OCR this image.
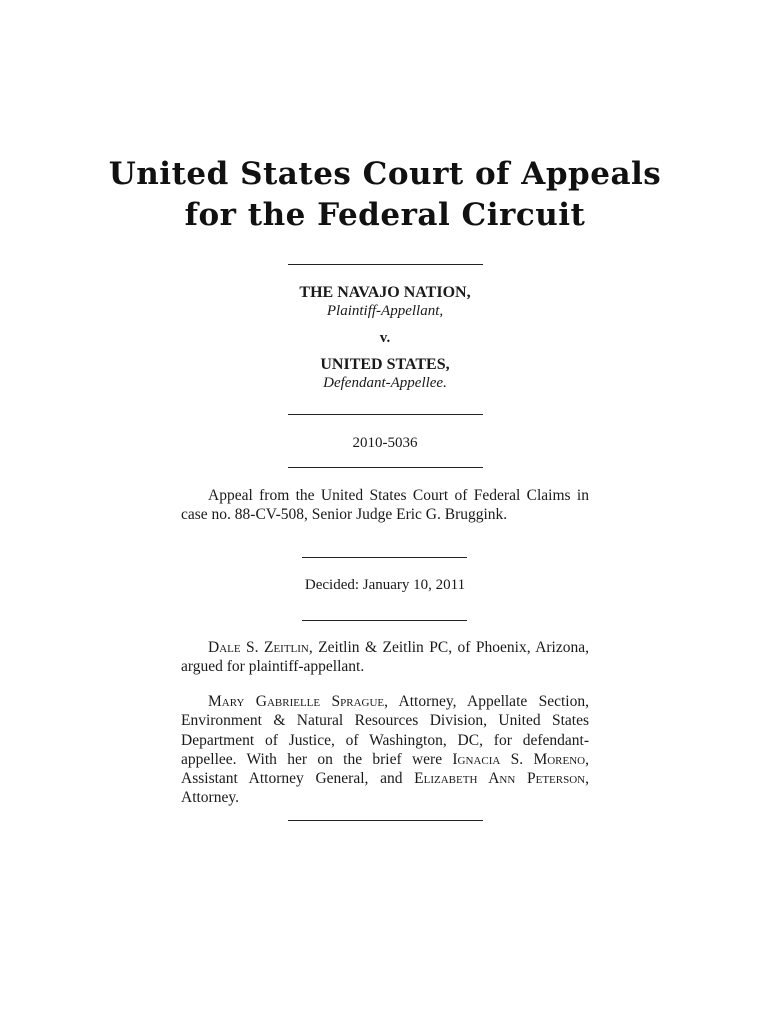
United States Court of Appeals
for the Federal Circuit
THE NAVAJO NATION,
Plaintiff-Appellant,
v.
UNITED STATES,
Defendant-Appellee.
2010-5036

Appeal from the United States Court of Federal Claims in case no. 88-CV-508, Senior Judge Eric G. Bruggink.

Decided: January 10, 2011

Dale S. Zeitlin, Zeitlin & Zeitlin PC, of Phoenix, Arizona, argued for plaintiff-appellant.

Mary Gabrielle Sprague, Attorney, Appellate Section, Environment & Natural Resources Division, United States Department of Justice, of Washington, DC, for defendant-appellee. With her on the brief were Ignacia S. Moreno, Assistant Attorney General, and Elizabeth Ann Peterson, Attorney.
